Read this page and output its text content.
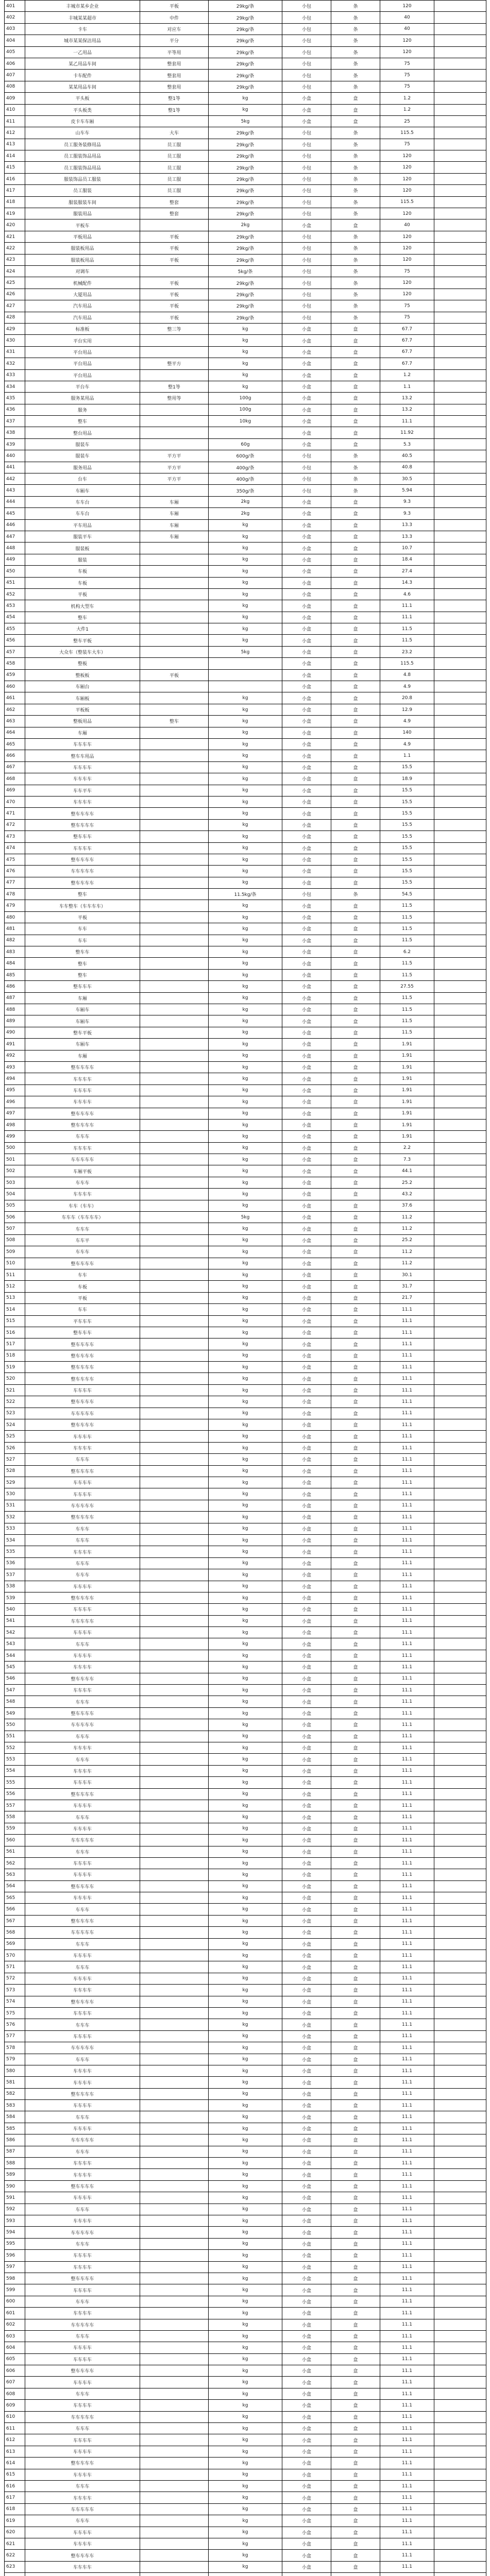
401	丰城市某乡企业	平板	29kg/条	小包	条	120	
402	丰城某某超市	中件	29kg/条	小包	条	40	
403	卡车	对应车	29kg/条	小包	条	40	
404	城市某某保洁用品	平分	29kg/条	小包	条	120	
405	一乙用品	平等用	29kg/条	小包	条	120	
406	某乙用品车间	整套用	29kg/条	小包	条	75	
407	卡车配件	整套用	29kg/条	小包	条	75	
408	某某用品车间	整套用	29kg/条	小包	条	75	
409	平头板	整1等	kg	小盒	盒	1.2	
410	平头板类	整1等	kg	小盒	盒	1.2	
411	皮卡车车厢		5kg	小盒	盒	25	
412	山车车	大车	29kg/条	小包	条	115.5	
413	员工服务装修用品	员工服	29kg/条	小包	条	75	
414	员工服装饰品用品	员工服	29kg/条	小包	条	120	
415	员工服装饰品用品	员工服	29kg/条	小包	条	120	
416	服装饰品员工服装	员工服	29kg/条	小包	条	120	
417	员工服装	员工服	29kg/条	小包	条	120	
418	服装服装车间	整套	29kg/条	小包	条	115.5	
419	服装用品	整套	29kg/条	小包	条	120	
420	平板车		2kg	小盒	盒	40	
421	平板用品	平板	29kg/条	小包	条	120	
422	服装板用品	平板	29kg/条	小包	条	120	
423	服装板用品	平板	29kg/条	小包	条	120	
424	对调车		5kg/条	小包	条	75	
425	机械配件	平板	29kg/条	小包	条	120	
426	大厦用品	平板	29kg/条	小包	条	120	
427	汽车用品	平板	29kg/条	小包	条	75	
428	汽车用品	平板	29kg/条	小包	条	75	
429	标准板	整三等	kg	小盒	盒	67.7	
430	平台实用		kg	小盒	盒	67.7	
431	平台用品		kg	小盒	盒	67.7	
432	平台用品	整平方	kg	小盒	盒	67.7	
433	平台用品		kg	小盒	盒	1.2	
434	平台车	整1等	kg	小盒	盒	1.1	
435	服务某用品	整用等	100g	小盒	盒	13.2	
436	服务		100g	小盒	盒	13.2	
437	整车		10kg	小盒	盒	11.1	
438	整台用品			小盒	盒	11.92	
439	服装车		60g	小盒	盒	5.3	
440	服装车	平方平	600g/条	小包	条	40.5	
441	服务用品	平方平	400g/条	小包	条	40.8	
442	台车	平方平	400g/条	小包	条	30.5	
443	车厢车		350g/条	小包	条	5.94	
444	车车台	车厢	2kg	小盒	盒	9.3	
445	车车台	车厢	2kg	小盒	盒	9.3	
446	平车用品	车厢	kg	小盒	盒	13.3	
447	服装平车	车厢	kg	小盒	盒	13.3	
448	服装板		kg	小盒	盒	10.7	
449	服装		kg	小盒	盒	18.4	
450	车板		kg	小盒	盒	27.4	
451	车板		kg	小盒	盒	14.3	
452	平板		kg	小盒	盒	4.6	
453	机构大型车		kg	小盒	盒	11.1	
454	整车		kg	小盒	盒	11.1	
455	大件1		kg	小盒	盒	11.5	
456	整车平板		kg	小盒	盒	11.5	
457	大众车（整装车大车）		5kg	小盒	盒	23.2	
458	整板			小盒	盒	115.5	
459	整板板	平板		小盒	盒	4.8	
460	车厢台			小盒	盒	4.9	
461	车厢板		kg	小盒	盒	20.8	
462	平板板		kg	小盒	盒	12.9	
463	整板用品	整车	kg	小盒	盒	4.9	
464	车厢		kg	小盒	盒	140	
465	车车车车		kg	小盒	盒	4.9	
466	整车车用品		kg	小盒	盒	1.1	
467	车车车车		kg	小盒	盒	15.5	
468	车车车车		kg	小盒	盒	18.9	
469	车车平车		kg	小盒	盒	15.5	
470	车车车车		kg	小盒	盒	15.5	
471	整车车车车		kg	小盒	盒	15.5	
472	整车车车车		kg	小盒	盒	15.5	
473	整车车车		kg	小盒	盒	15.5	
474	车车车车		kg	小盒	盒	15.5	
475	整车车车车		kg	小盒	盒	15.5	
476	车车车车车		kg	小盒	盒	15.5	
477	整车车车车		kg	小盒	盒	15.5	
478	整车		11.5kg/条	小包	条	54.5	
479	车车整车（车车车车）		kg	小盒	盒	11.5	
480	平板		kg	小盒	盒	11.5	
481	车车		kg	小盒	盒	11.5	
482	车车		kg	小盒	盒	11.5	
483	整车车		kg	小盒	盒	6.2	
484	整车		kg	小盒	盒	11.5	
485	整车		kg	小盒	盒	11.5	
486	整车车车		kg	小盒	盒	27.55	
487	车厢		kg	小盒	盒	11.5	
488	车厢车		kg	小盒	盒	11.5	
489	车厢车		kg	小盒	盒	11.5	
490	整车平板		kg	小盒	盒	11.5	
491	车厢车		kg	小盒	盒	1.91	
492	车厢		kg	小盒	盒	1.91	
493	整车车车车		kg	小盒	盒	1.91	
494	车车车车		kg	小盒	盒	1.91	
495	车车车车		kg	小盒	盒	1.91	
496	车车车车		kg	小盒	盒	1.91	
497	整车车车车		kg	小盒	盒	1.91	
498	整车车车车		kg	小盒	盒	1.91	
499	车车车		kg	小盒	盒	1.91	
500	车车车车		kg	小盒	盒	2.2	
501	车车车车车		kg	小盒	盒	7.3	
502	车厢平板		kg	小盒	盒	44.1	
503	车车车		kg	小盒	盒	25.2	
504	车车车车		kg	小盒	盒	43.2	
505	车车（车车）		kg	小盒	盒	37.6	
506	车车车（车车车车）		5kg	小盒	盒	11.2	
507	车车车		kg	小盒	盒	11.2	
508	车车平		kg	小盒	盒	25.2	
509	车车车		kg	小盒	盒	11.2	
510	整车车车车		kg	小盒	盒	11.2	
511	车车		kg	小盒	盒	30.1	
512	车板		kg	小盒	盒	31.7	
513	平板		kg	小盒	盒	21.7	
514	车车		kg	小盒	盒	11.1	
515	平车车车		kg	小盒	盒	11.1	
516	整车车车		kg	小盒	盒	11.1	
517	整车车车车		kg	小盒	盒	11.1	
518	整车车车车		kg	小盒	盒	11.1	
519	整车车车车		kg	小盒	盒	11.1	
520	整车车车车		kg	小盒	盒	11.1	
521	车车车车		kg	小盒	盒	11.1	
522	整车车车车		kg	小盒	盒	11.1	
523	车车车车车		kg	小盒	盒	11.1	
524	整车车车车		kg	小盒	盒	11.1	
525	车车车车		kg	小盒	盒	11.1	
526	车车车车		kg	小盒	盒	11.1	
527	车车车		kg	小盒	盒	11.1	
528	整车车车车		kg	小盒	盒	11.1	
529	车车车车		kg	小盒	盒	11.1	
530	车车车车		kg	小盒	盒	11.1	
531	车车车车车		kg	小盒	盒	11.1	
532	整车车车车		kg	小盒	盒	11.1	
533	车车车		kg	小盒	盒	11.1	
534	车车车		kg	小盒	盒	11.1	
535	车车车车		kg	小盒	盒	11.1	
536	车车车		kg	小盒	盒	11.1	
537	车车车		kg	小盒	盒	11.1	
538	车车车车		kg	小盒	盒	11.1	
539	整车车车车		kg	小盒	盒	11.1	
540	车车车车		kg	小盒	盒	11.1	
541	车车车车车		kg	小盒	盒	11.1	
542	车车车车		kg	小盒	盒	11.1	
543	车车车		kg	小盒	盒	11.1	
544	车车车车		kg	小盒	盒	11.1	
545	车车车车		kg	小盒	盒	11.1	
546	整车车车车		kg	小盒	盒	11.1	
547	车车车车		kg	小盒	盒	11.1	
548	车车车		kg	小盒	盒	11.1	
549	整车车车车		kg	小盒	盒	11.1	
550	车车车车车		kg	小盒	盒	11.1	
551	车车车		kg	小盒	盒	11.1	
552	车车车车		kg	小盒	盒	11.1	
553	车车车		kg	小盒	盒	11.1	
554	车车车车		kg	小盒	盒	11.1	
555	车车车车		kg	小盒	盒	11.1	
556	整车车车车		kg	小盒	盒	11.1	
557	车车车车		kg	小盒	盒	11.1	
558	车车车		kg	小盒	盒	11.1	
559	车车车车		kg	小盒	盒	11.1	
560	车车车车车		kg	小盒	盒	11.1	
561	车车车		kg	小盒	盒	11.1	
562	车车车车		kg	小盒	盒	11.1	
563	车车车车		kg	小盒	盒	11.1	
564	整车车车车		kg	小盒	盒	11.1	
565	车车车车		kg	小盒	盒	11.1	
566	车车车		kg	小盒	盒	11.1	
567	整车车车车		kg	小盒	盒	11.1	
568	车车车车车		kg	小盒	盒	11.1	
569	车车车		kg	小盒	盒	11.1	
570	车车车车		kg	小盒	盒	11.1	
571	车车车		kg	小盒	盒	11.1	
572	车车车车		kg	小盒	盒	11.1	
573	车车车车		kg	小盒	盒	11.1	
574	整车车车车		kg	小盒	盒	11.1	
575	车车车车		kg	小盒	盒	11.1	
576	车车车		kg	小盒	盒	11.1	
577	车车车车		kg	小盒	盒	11.1	
578	车车车车车		kg	小盒	盒	11.1	
579	车车车		kg	小盒	盒	11.1	
580	车车车车		kg	小盒	盒	11.1	
581	车车车车		kg	小盒	盒	11.1	
582	整车车车车		kg	小盒	盒	11.1	
583	车车车车		kg	小盒	盒	11.1	
584	车车车		kg	小盒	盒	11.1	
585	车车车车		kg	小盒	盒	11.1	
586	车车车车车		kg	小盒	盒	11.1	
587	车车车		kg	小盒	盒	11.1	
588	车车车车		kg	小盒	盒	11.1	
589	车车车车		kg	小盒	盒	11.1	
590	整车车车车		kg	小盒	盒	11.1	
591	车车车车		kg	小盒	盒	11.1	
592	车车车		kg	小盒	盒	11.1	
593	车车车车		kg	小盒	盒	11.1	
594	车车车车车		kg	小盒	盒	11.1	
595	车车车		kg	小盒	盒	11.1	
596	车车车车		kg	小盒	盒	11.1	
597	车车车车		kg	小盒	盒	11.1	
598	整车车车车		kg	小盒	盒	11.1	
599	车车车车		kg	小盒	盒	11.1	
600	车车车		kg	小盒	盒	11.1	
601	车车车车		kg	小盒	盒	11.1	
602	车车车车车		kg	小盒	盒	11.1	
603	车车车		kg	小盒	盒	11.1	
604	车车车车		kg	小盒	盒	11.1	
605	车车车车		kg	小盒	盒	11.1	
606	整车车车车		kg	小盒	盒	11.1	
607	车车车车		kg	小盒	盒	11.1	
608	车车车		kg	小盒	盒	11.1	
609	车车车车		kg	小盒	盒	11.1	
610	车车车车车		kg	小盒	盒	11.1	
611	车车车		kg	小盒	盒	11.1	
612	车车车车		kg	小盒	盒	11.1	
613	车车车车		kg	小盒	盒	11.1	
614	整车车车车		kg	小盒	盒	11.1	
615	车车车车		kg	小盒	盒	11.1	
616	车车车		kg	小盒	盒	11.1	
617	车车车车		kg	小盒	盒	11.1	
618	车车车车车		kg	小盒	盒	11.1	
619	车车车		kg	小盒	盒	11.1	
620	车车车车		kg	小盒	盒	11.1	
621	车车车车		kg	小盒	盒	11.1	
622	整车车车车		kg	小盒	盒	11.1	
623	车车车车		kg	小盒	盒	11.1	
